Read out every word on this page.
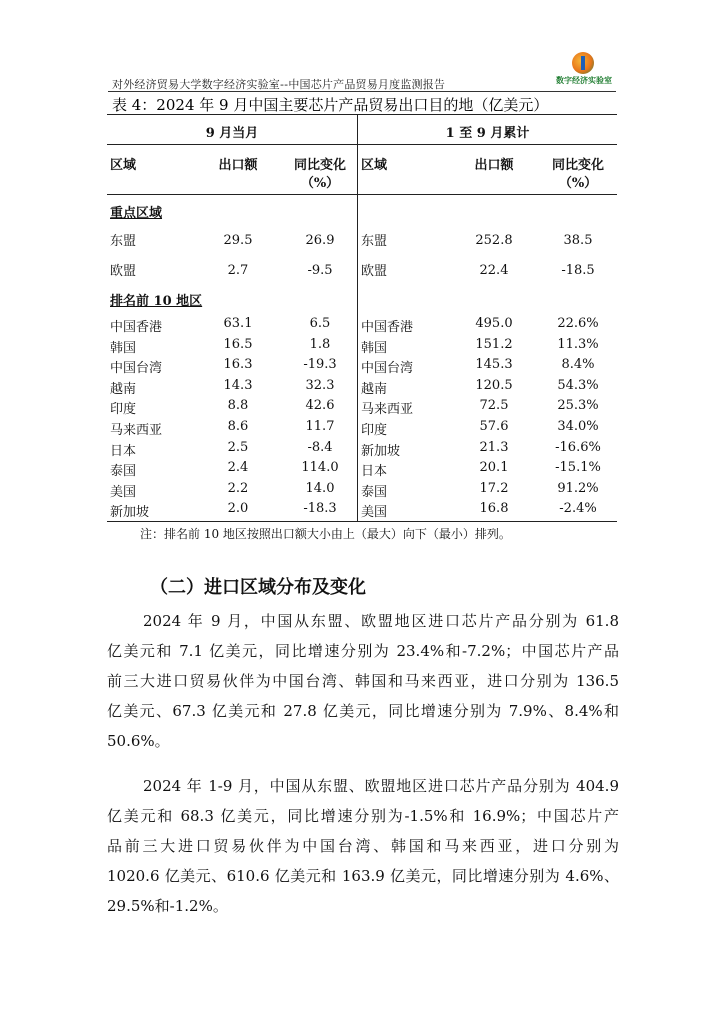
对外经济贸易大学数字经济实验室--中国芯片产品贸易月度监测报告	数字经济实验室
表 4：2024 年 9 月中国主要芯片产品贸易出口目的地（亿美元）
9 月当月	1 至 9 月累计
区域	出口额	同比变化
（%）
区域	出口额	同比变化
（%）
重点区域
东盟	29.5	26.9	东盟	252.8	38.5
欧盟	2.7	-9.5	欧盟	22.4	-18.5
排名前 10 地区
中国香港	63.1	6.5	中国香港	495.0	22.6%
韩国	16.5	1.8	韩国	151.2	11.3%
中国台湾	16.3	-19.3	中国台湾	145.3	8.4%
越南	14.3	32.3	越南	120.5	54.3%
印度	8.8	42.6	马来西亚	72.5	25.3%
马来西亚	8.6	11.7	印度	57.6	34.0%
日本	2.5	-8.4	新加坡	21.3	-16.6%
泰国	2.4	114.0	日本	20.1	-15.1%
美国	2.2	14.0	泰国	17.2	91.2%
新加坡	2.0	-18.3	美国	16.8	-2.4%
注：排名前 10 地区按照出口额大小由上（最大）向下（最小）排列。
（二）进口区域分布及变化
2024 年 9 月，中国从东盟、欧盟地区进口芯片产品分别为 61.8
亿美元和 7.1 亿美元，同比增速分别为 23.4%和-7.2%；中国芯片产品
前三大进口贸易伙伴为中国台湾、韩国和马来西亚，进口分别为 136.5
亿美元、67.3 亿美元和 27.8 亿美元，同比增速分别为 7.9%、8.4%和
50.6%。
2024 年 1-9 月，中国从东盟、欧盟地区进口芯片产品分别为 404.9
亿美元和 68.3 亿美元，同比增速分别为-1.5%和 16.9%；中国芯片产
品前三大进口贸易伙伴为中国台湾、韩国和马来西亚，进口分别为
1020.6 亿美元、610.6 亿美元和 163.9 亿美元，同比增速分别为 4.6%、
29.5%和-1.2%。
